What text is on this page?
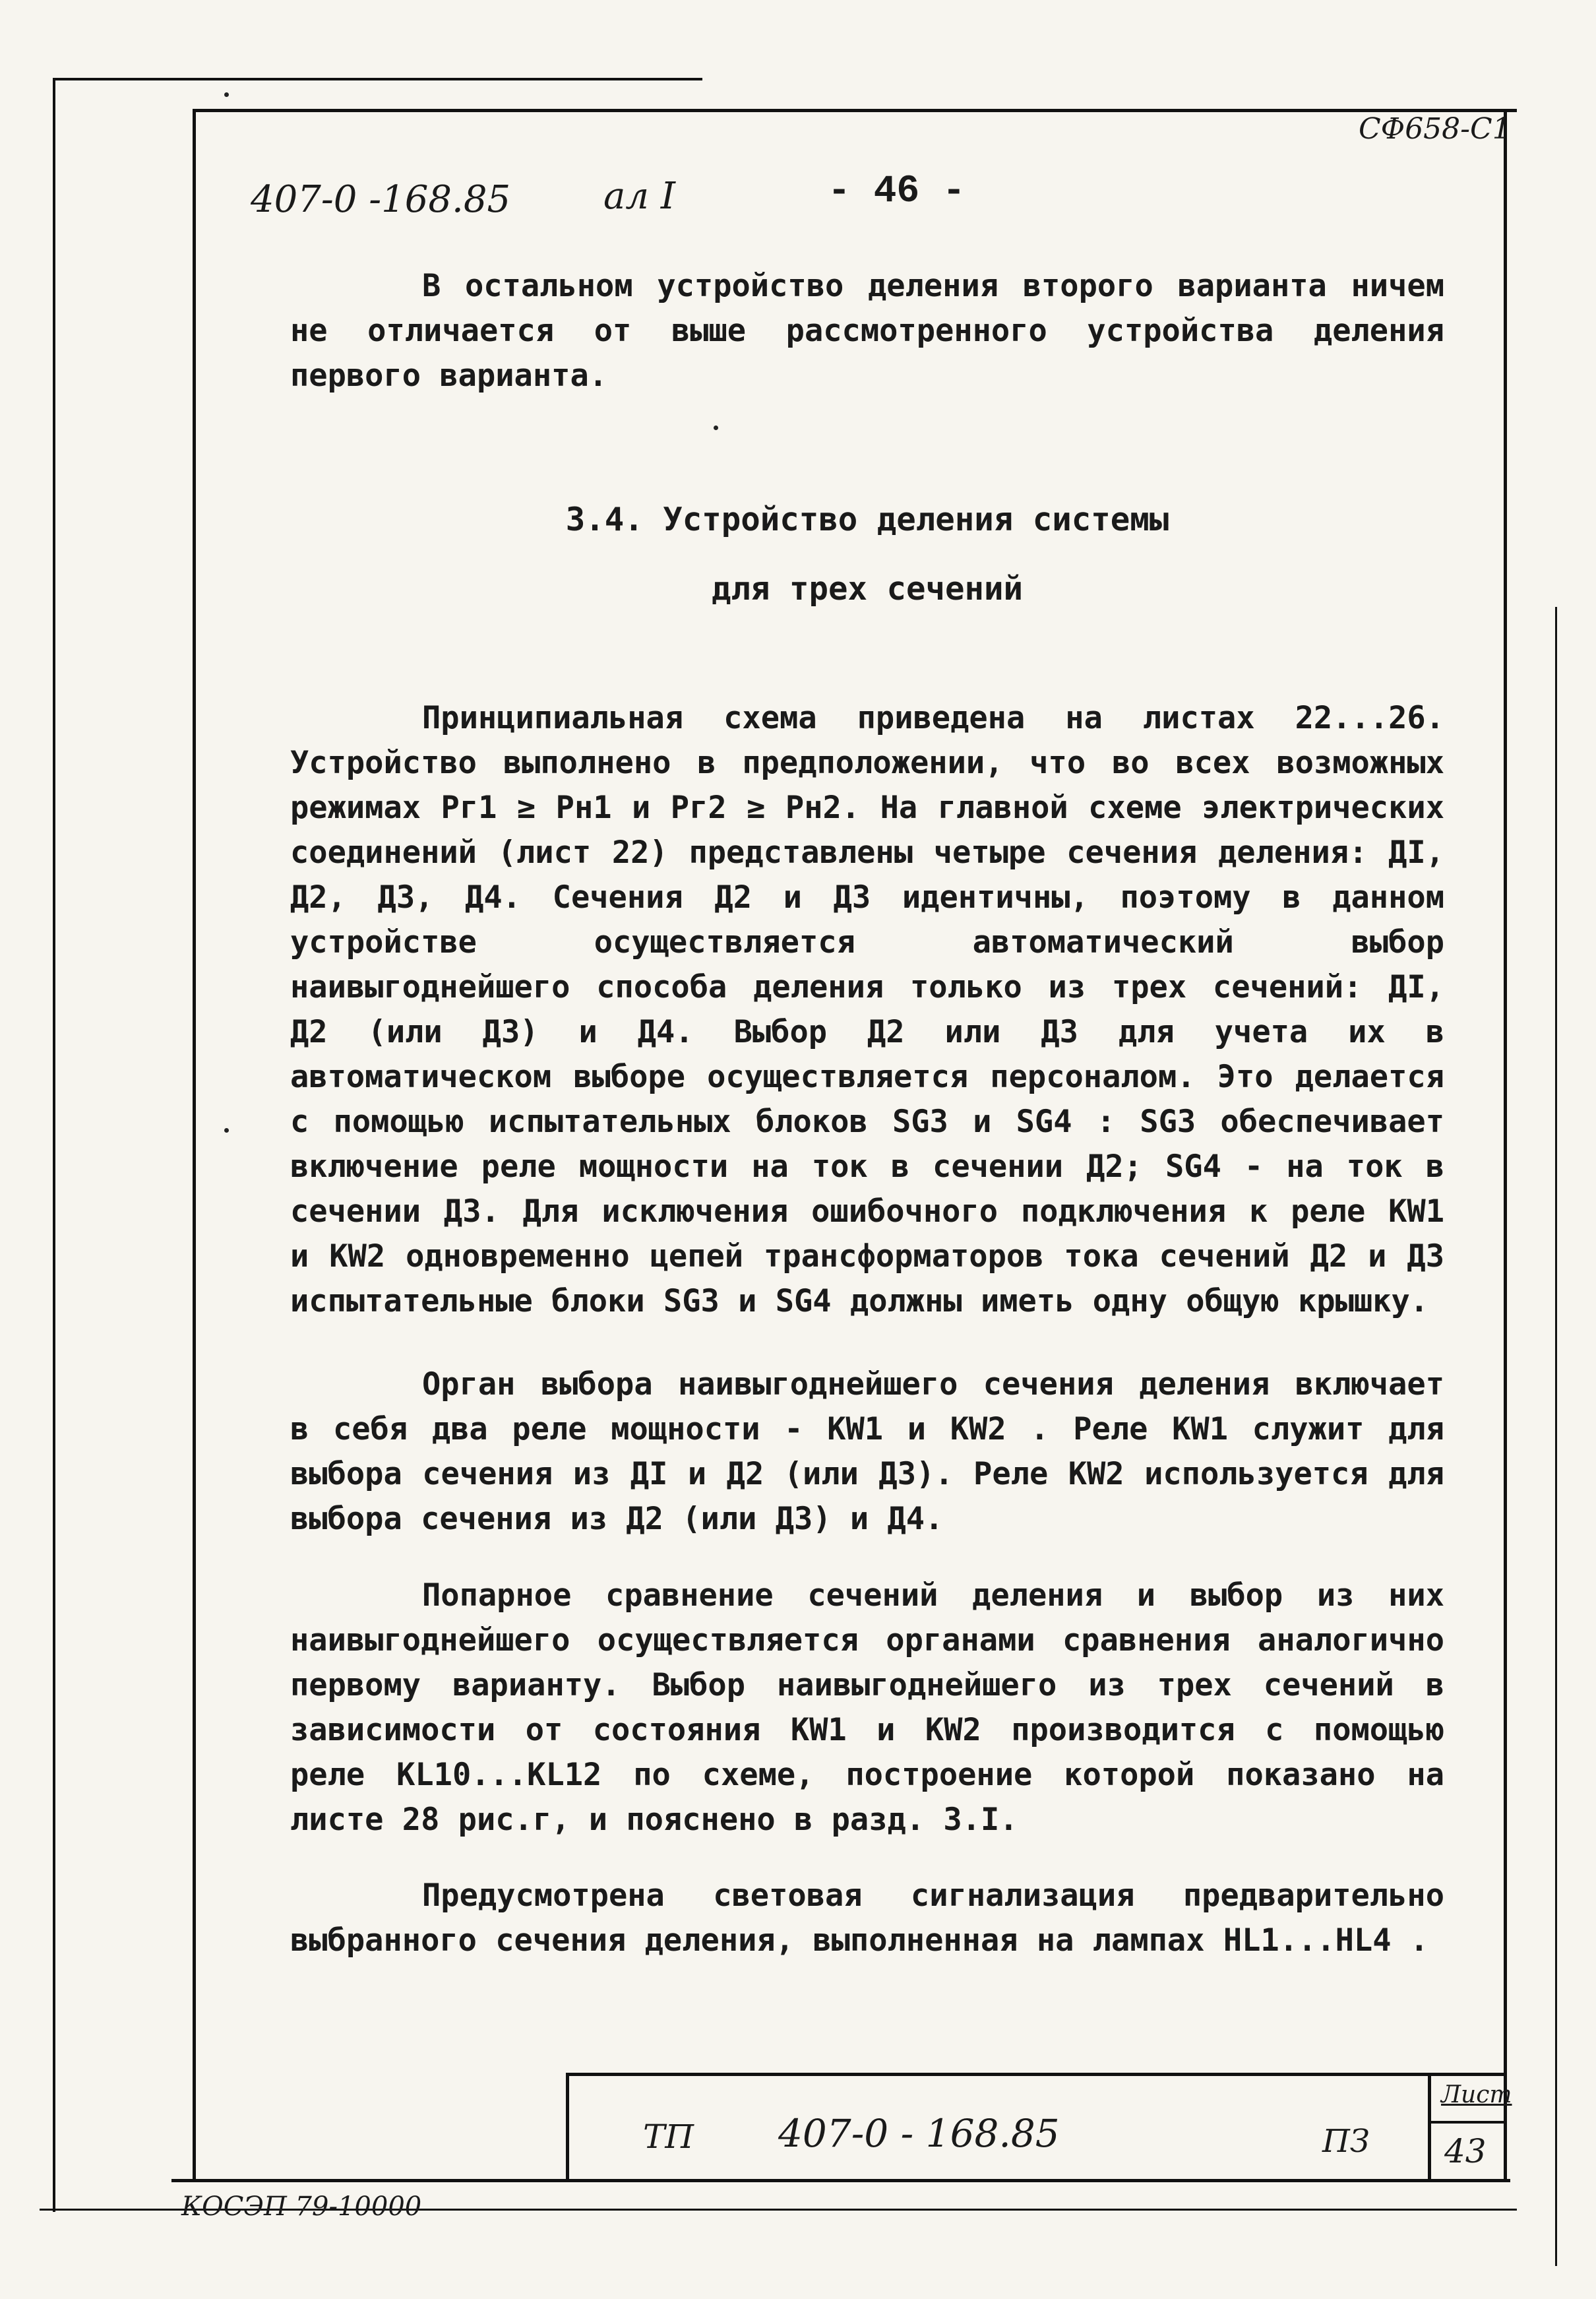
СФ658-С1
407-0 -168.85	ал I	- 46 -

В остальном устройство деления второго варианта ничем не отличается от выше рассмотренного устройства деления первого варианта.

3.4. Устройство деления системы
для трех сечений

Принципиальная схема приведена на листах 22...26. Устройство выполнено в предположении, что во всех возможных режимах Pг1 ≥ Pн1 и Pг2 ≥ Pн2. На главной схеме электрических соединений (лист 22) представлены четыре сечения деления: ДI, Д2, Д3, Д4. Сечения Д2 и Д3 идентичны, поэтому в данном устройстве осуществляется автоматический выбор наивыгоднейшего способа деления только из трех сечений: ДI, Д2 (или Д3) и Д4. Выбор Д2 или Д3 для учета их в автоматическом выборе осуществляется персоналом. Это делается с помощью испытательных блоков SG3 и SG4 : SG3 обеспечивает включение реле мощности на ток в сечении Д2; SG4 - на ток в сечении Д3. Для исключения ошибочного подключения к реле KW1 и KW2 одновременно цепей трансформаторов тока сечений Д2 и Д3 испытательные блоки SG3 и SG4 должны иметь одну общую крышку.

Орган выбора наивыгоднейшего сечения деления включает в себя два реле мощности - KW1 и KW2 . Реле KW1 служит для выбора сечения из ДI и Д2 (или Д3). Реле KW2 используется для выбора сечения из Д2 (или Д3) и Д4.

Попарное сравнение сечений деления и выбор из них наивыгоднейшего осуществляется органами сравнения аналогично первому варианту. Выбор наивыгоднейшего из трех сечений в зависимости от состояния KW1 и KW2 производится с помощью реле KL10...KL12 по схеме, построение которой показано на листе 28 рис.г, и пояснено в разд. 3.I.

Предусмотрена световая сигнализация предварительно выбранного сечения деления, выполненная на лампах HL1...HL4 .

ТП 407-0 - 168.85	ПЗ
Лист
43
КОСЭП 79-10000
